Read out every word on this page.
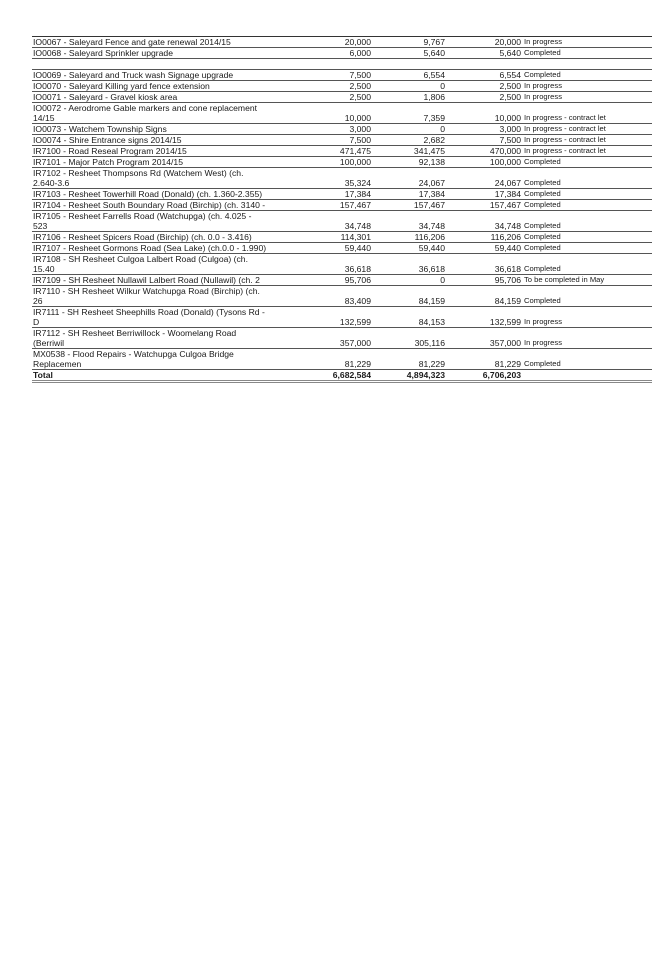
IO0067 - Saleyard Fence and gate renewal 2014/15	20,000	9,767	20,000	In progress
IO0068 - Saleyard Sprinkler upgrade	6,000	5,640	5,640	Completed

IO0069 - Saleyard and Truck wash Signage upgrade	7,500	6,554	6,554	Completed
IO0070 - Saleyard Killing yard fence extension	2,500	0	2,500	In progress
IO0071 - Saleyard - Gravel kiosk area	2,500	1,806	2,500	In progress
IO0072 - Aerodrome Gable markers and cone replacement 14/15	10,000	7,359	10,000	In progress - contract let
IO0073 - Watchem Township Signs	3,000	0	3,000	In progress - contract let
IO0074 - Shire Entrance signs 2014/15	7,500	2,682	7,500	In progress - contract let
IR7100 - Road Reseal Program 2014/15	471,475	341,475	470,000	In progress - contract let
IR7101 - Major Patch Program 2014/15	100,000	92,138	100,000	Completed
IR7102 - Resheet Thompsons Rd (Watchem West) (ch. 2.640-3.6	35,324	24,067	24,067	Completed
IR7103 - Resheet Towerhill Road (Donald) (ch. 1.360-2.355)	17,384	17,384	17,384	Completed
IR7104 - Resheet South Boundary Road (Birchip) (ch. 3140 -	157,467	157,467	157,467	Completed
IR7105 - Resheet Farrells Road (Watchupga) (ch. 4.025 - 523	34,748	34,748	34,748	Completed
IR7106 - Resheet Spicers Road (Birchip) (ch. 0.0 - 3.416)	114,301	116,206	116,206	Completed
IR7107 - Resheet Gormons Road (Sea Lake) (ch.0.0 - 1.990)	59,440	59,440	59,440	Completed
IR7108 - SH Resheet Culgoa Lalbert Road (Culgoa) (ch. 15.40	36,618	36,618	36,618	Completed
IR7109 - SH Resheet Nullawil Lalbert Road (Nullawil) (ch. 2	95,706	0	95,706	To be completed in May
IR7110 - SH Resheet Wilkur Watchupga Road (Birchip) (ch. 26	83,409	84,159	84,159	Completed
IR7111 - SH Resheet Sheephills Road (Donald) (Tysons Rd - D	132,599	84,153	132,599	In progress
IR7112 - SH Resheet Berriwillock - Woomelang Road (Berriwil	357,000	305,116	357,000	In progress
MX0538 - Flood Repairs - Watchupga Culgoa Bridge Replacemen	81,229	81,229	81,229	Completed
Total	6,682,584	4,894,323	6,706,203	
